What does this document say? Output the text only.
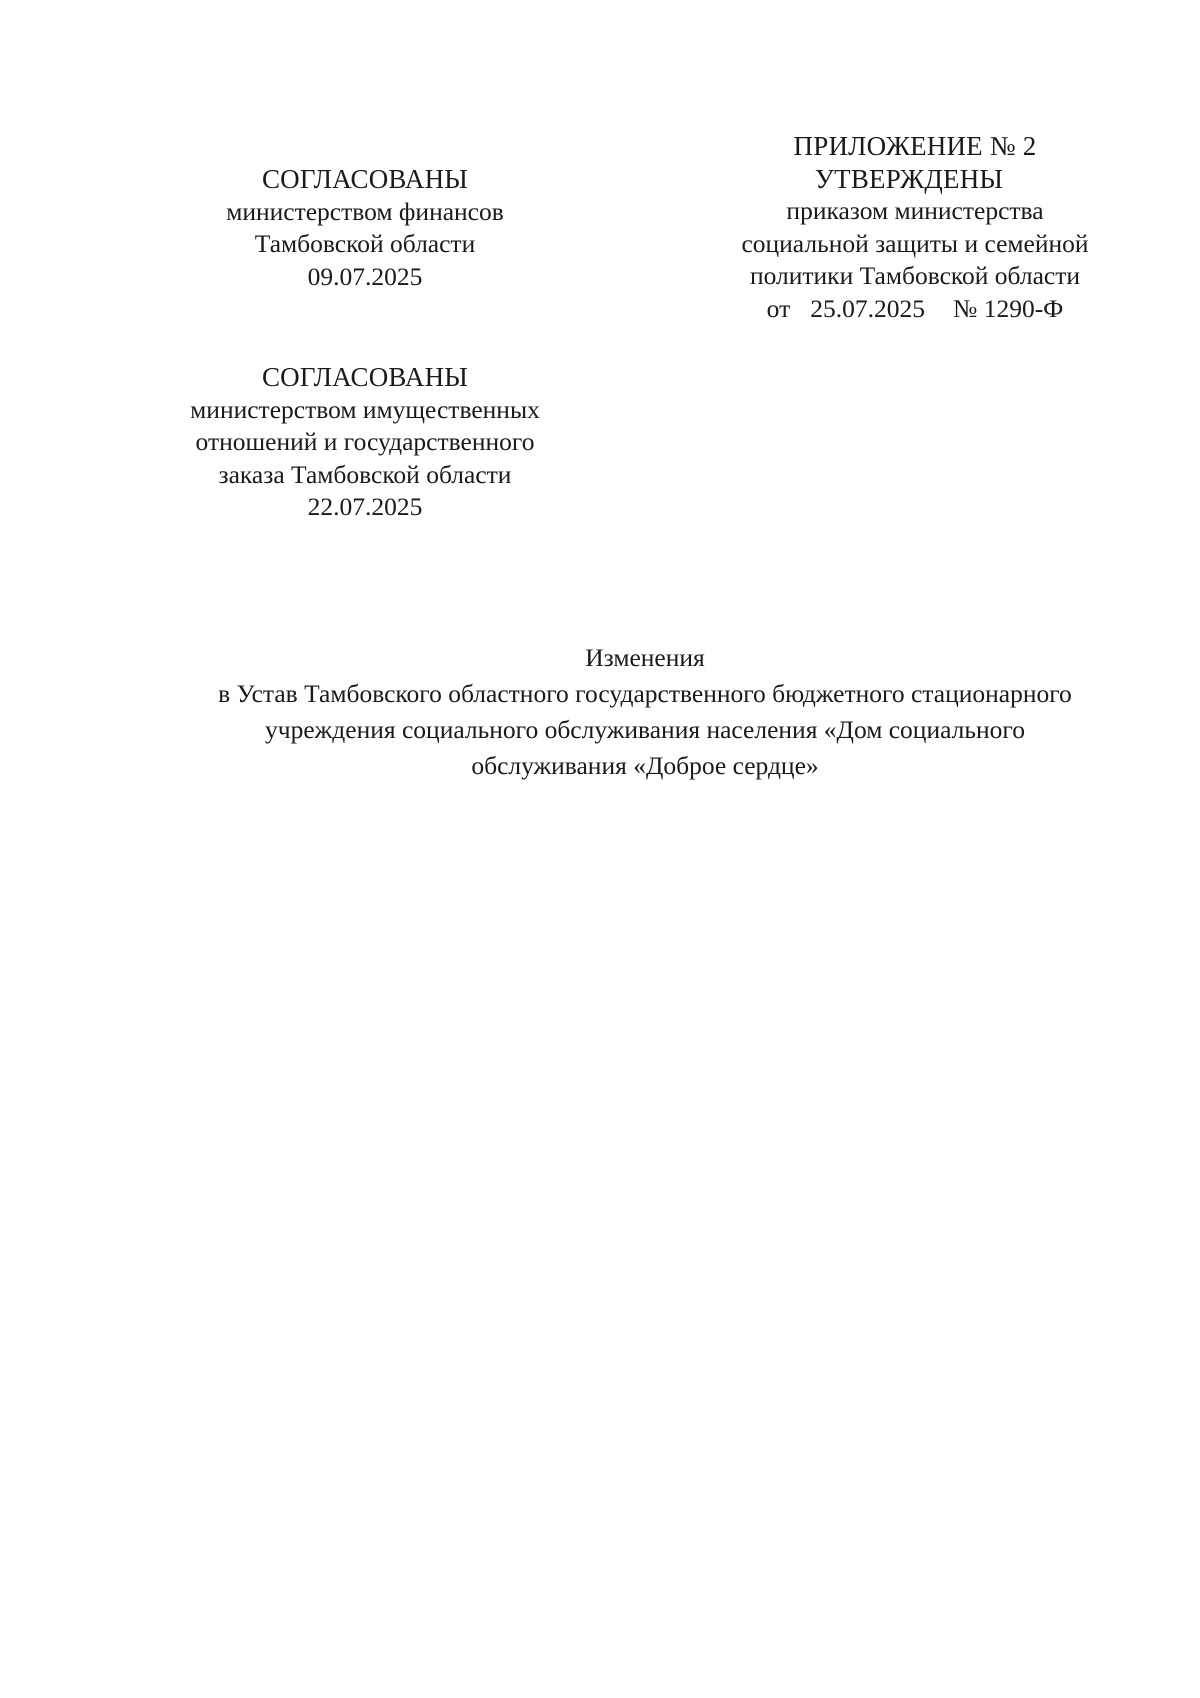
СОГЛАСОВАНЫ
министерством финансов
Тамбовской области
09.07.2025
СОГЛАСОВАНЫ
министерством имущественных
отношений и государственного
заказа Тамбовской области
22.07.2025
ПРИЛОЖЕНИЕ № 2
УТВЕРЖДЕНЫ
приказом министерства
социальной защиты и семейной
политики Тамбовской области
от 25.07.2025 № 1290-Ф
Изменения
в Устав Тамбовского областного государственного бюджетного стационарного
учреждения социального обслуживания населения «Дом социального
обслуживания «Доброе сердце»
